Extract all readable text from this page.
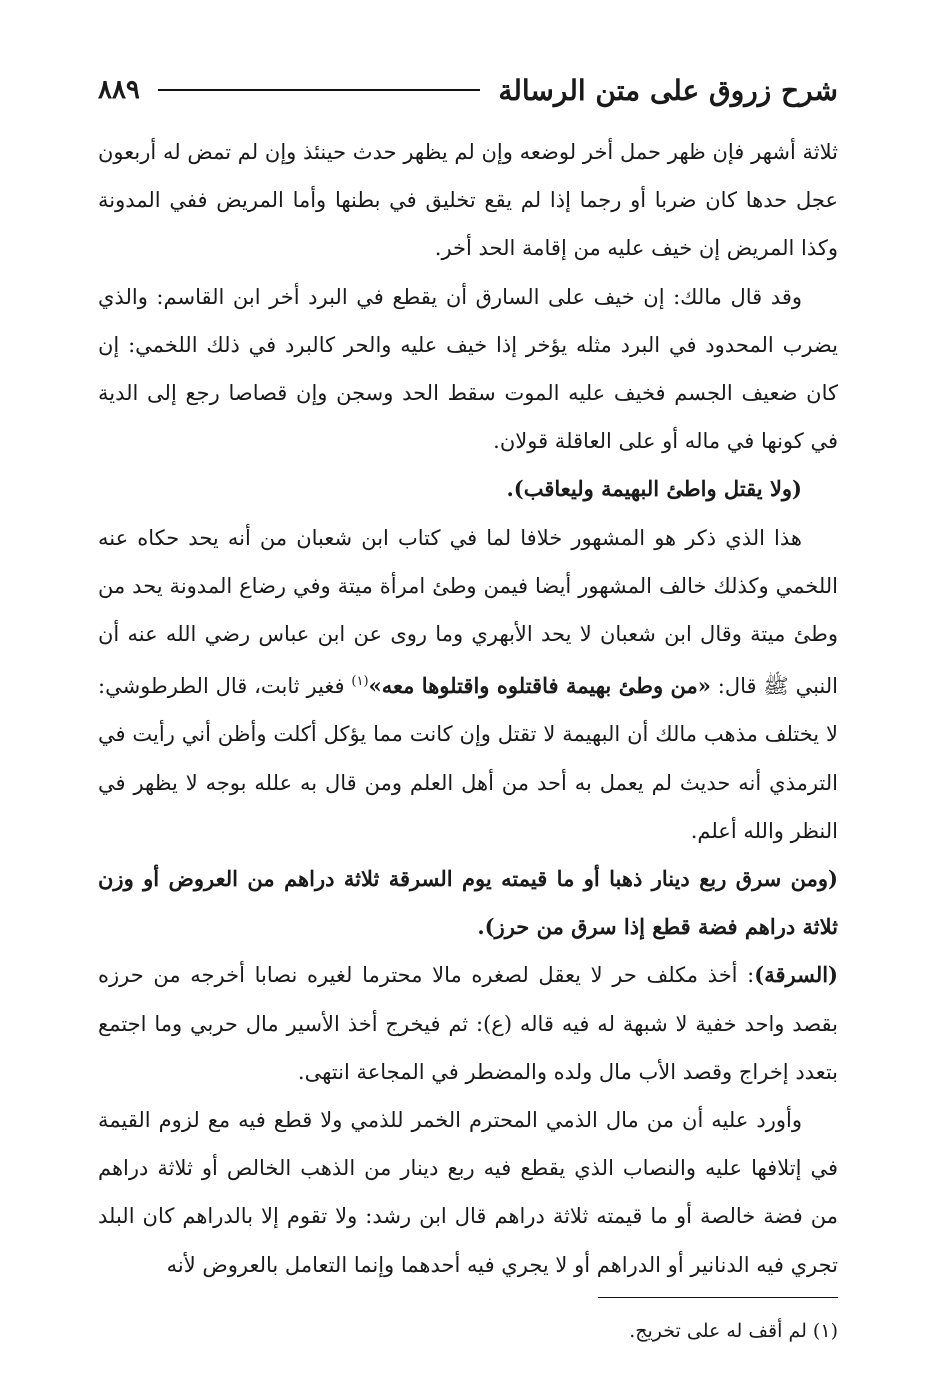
شرح زروق على متن الرسالة
٨٨٩

ثلاثة أشهر فإن ظهر حمل أخر لوضعه وإن لم يظهر حدث حينئذ وإن لم تمض له أربعون عجل حدها كان ضربا أو رجما إذا لم يقع تخليق في بطنها وأما المريض ففي المدونة وكذا المريض إن خيف عليه من إقامة الحد أخر.

وقد قال مالك: إن خيف على السارق أن يقطع في البرد أخر ابن القاسم: والذي يضرب المحدود في البرد مثله يؤخر إذا خيف عليه والحر كالبرد في ذلك اللخمي: إن كان ضعيف الجسم فخيف عليه الموت سقط الحد وسجن وإن قصاصا رجع إلى الدية في كونها في ماله أو على العاقلة قولان.

(ولا يقتل واطئ البهيمة وليعاقب).

هذا الذي ذكر هو المشهور خلافا لما في كتاب ابن شعبان من أنه يحد حكاه عنه اللخمي وكذلك خالف المشهور أيضا فيمن وطئ امرأة ميتة وفي رضاع المدونة يحد من وطئ ميتة وقال ابن شعبان لا يحد الأبهري وما روى عن ابن عباس رضي الله عنه أن النبي ﷺ قال: «من وطئ بهيمة فاقتلوه واقتلوها معه»$^{(١)}$ فغير ثابت، قال الطرطوشي: لا يختلف مذهب مالك أن البهيمة لا تقتل وإن كانت مما يؤكل أكلت وأظن أني رأيت في الترمذي أنه حديث لم يعمل به أحد من أهل العلم ومن قال به علله بوجه لا يظهر في النظر والله أعلم.

(ومن سرق ربع دينار ذهبا أو ما قيمته يوم السرقة ثلاثة دراهم من العروض أو وزن ثلاثة دراهم فضة قطع إذا سرق من حرز).

(السرقة): أخذ مكلف حر لا يعقل لصغره مالا محترما لغيره نصابا أخرجه من حرزه بقصد واحد خفية لا شبهة له فيه قاله (ع): ثم فيخرج أخذ الأسير مال حربي وما اجتمع بتعدد إخراج وقصد الأب مال ولده والمضطر في المجاعة انتهى.

وأورد عليه أن من مال الذمي المحترم الخمر للذمي ولا قطع فيه مع لزوم القيمة في إتلافها عليه والنصاب الذي يقطع فيه ربع دينار من الذهب الخالص أو ثلاثة دراهم من فضة خالصة أو ما قيمته ثلاثة دراهم قال ابن رشد: ولا تقوم إلا بالدراهم كان البلد تجري فيه الدنانير أو الدراهم أو لا يجري فيه أحدهما وإنما التعامل بالعروض لأنه

(١) لم أقف له على تخريج.
